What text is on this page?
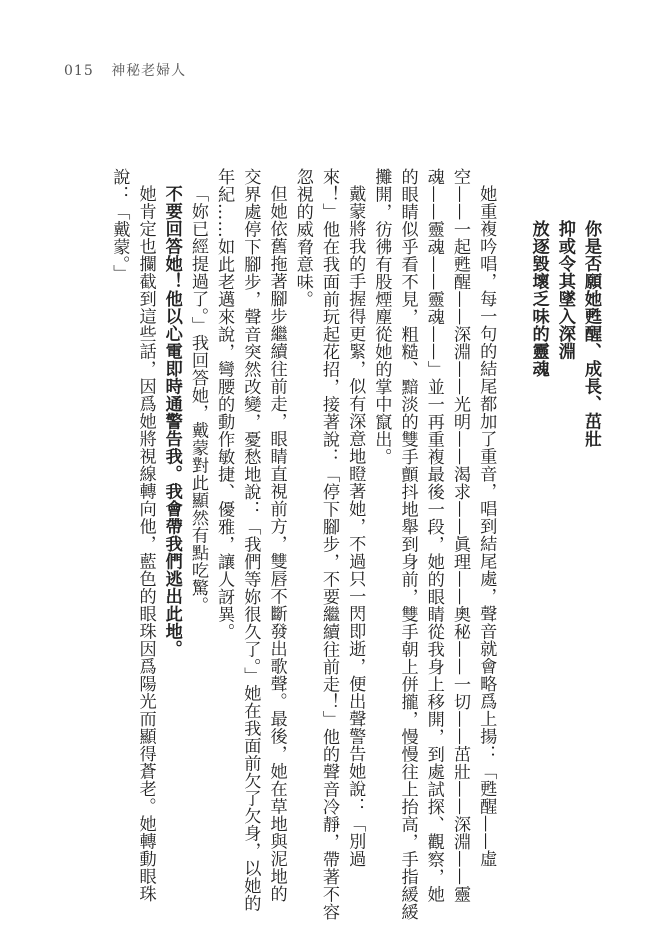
015 神秘老婦人
你是否願她甦醒、成長、茁壯
抑或令其墜入深淵
放逐毀壞乏味的靈魂
她重複吟唱，每一句的結尾都加了重音，唱到結尾處，聲音就會略爲上揚：「甦醒——虛
空——一起甦醒——深淵——光明——渴求——眞理——奧秘——一切——茁壯——深淵——靈
魂——靈魂——靈魂——」並一再重複最後一段，她的眼睛從我身上移開，到處試探、觀察，她
的眼睛似乎看不見，粗糙、黯淡的雙手顫抖地舉到身前，雙手朝上併攏，慢慢往上抬高，手指緩緩
攤開，彷彿有股煙塵從她的掌中竄出。
戴蒙將我的手握得更緊，似有深意地瞪著她，不過只一閃即逝，便出聲警告她說：「別過
來！」他在我面前玩起花招，接著說：「停下腳步，不要繼續往前走！」他的聲音冷靜，帶著不容
忽視的威脅意味。
但她依舊拖著腳步繼續往前走，眼睛直視前方，雙唇不斷發出歌聲。最後，她在草地與泥地的
交界處停下腳步，聲音突然改變，憂愁地說：「我們等妳很久了。」她在我面前欠了欠身，以她的
年紀……如此老邁來說，彎腰的動作敏捷、優雅，讓人訝異。
「妳已經提過了。」我回答她，戴蒙對此顯然有點吃驚。
不要回答她！他以心電即時通警告我。我會帶我們逃出此地。
她肯定也攔截到這些話，因爲她將視線轉向他，藍色的眼珠因爲陽光而顯得蒼老。她轉動眼珠
說：「戴蒙。」
